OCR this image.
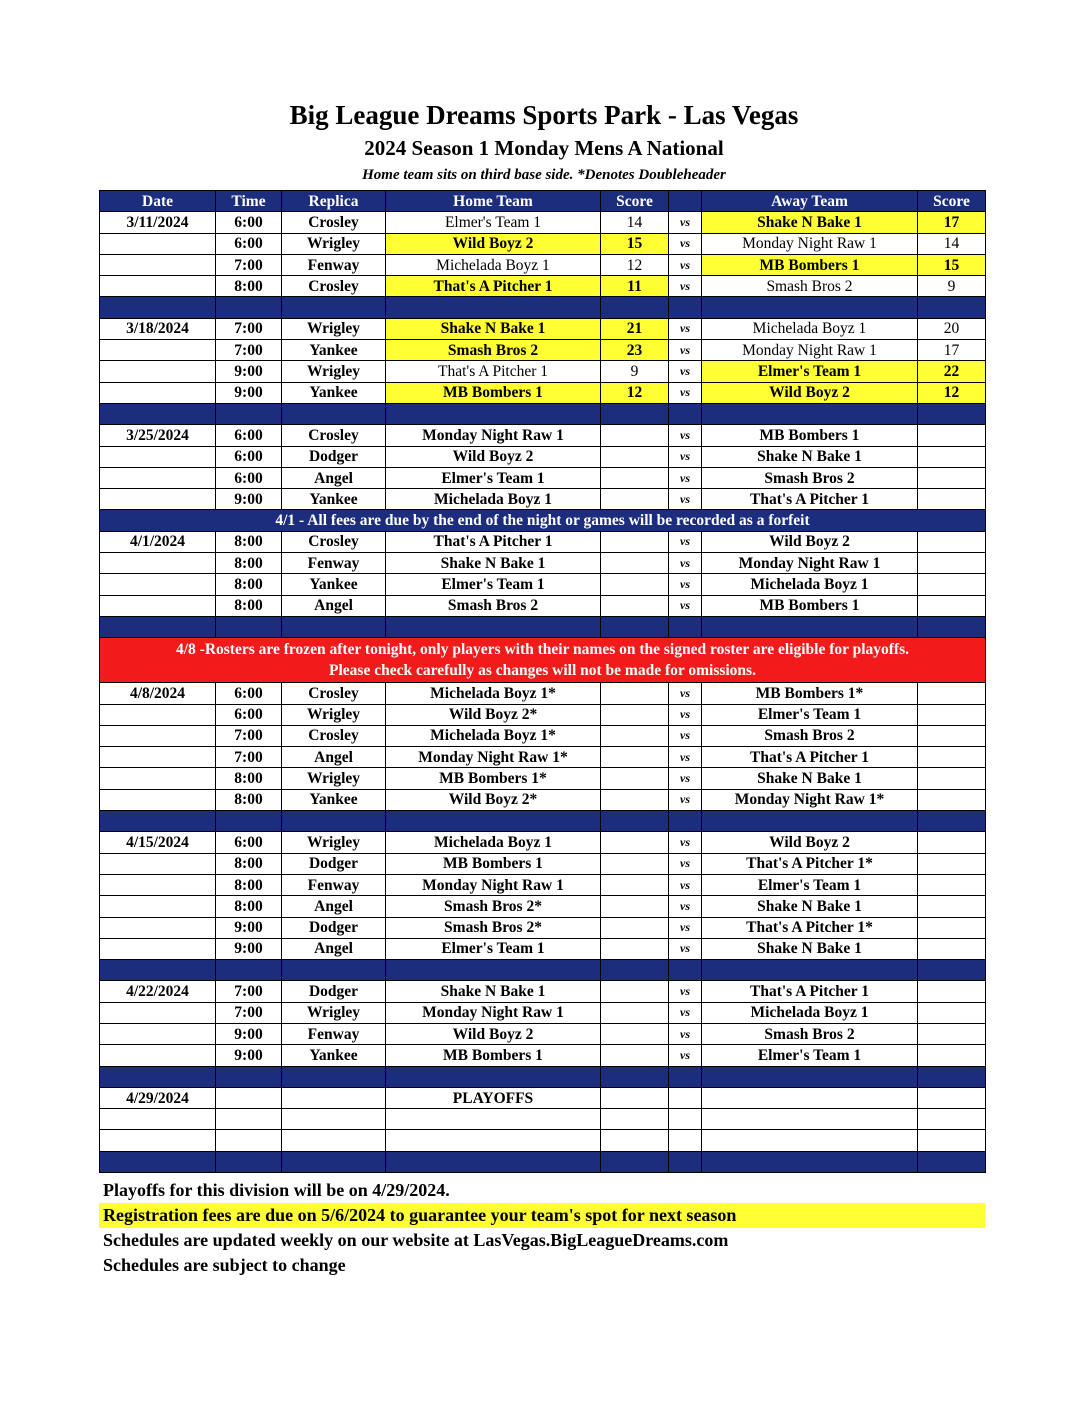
Big League Dreams Sports Park - Las Vegas
2024 Season 1 Monday Mens A National
Home team sits on third base side. *Denotes Doubleheader
Date	Time	Replica	Home Team	Score		Away Team	Score
3/11/2024	6:00	Crosley	Elmer's Team 1	14	vs	Shake N Bake 1	17
	6:00	Wrigley	Wild Boyz 2	15	vs	Monday Night Raw 1	14
	7:00	Fenway	Michelada Boyz 1	12	vs	MB Bombers 1	15
	8:00	Crosley	That's A Pitcher 1	11	vs	Smash Bros 2	9

3/18/2024	7:00	Wrigley	Shake N Bake 1	21	vs	Michelada Boyz 1	20
	7:00	Yankee	Smash Bros 2	23	vs	Monday Night Raw 1	17
	9:00	Wrigley	That's A Pitcher 1	9	vs	Elmer's Team 1	22
	9:00	Yankee	MB Bombers 1	12	vs	Wild Boyz 2	12

3/25/2024	6:00	Crosley	Monday Night Raw 1		vs	MB Bombers 1	
	6:00	Dodger	Wild Boyz 2		vs	Shake N Bake 1	
	6:00	Angel	Elmer's Team 1		vs	Smash Bros 2	
	9:00	Yankee	Michelada Boyz 1		vs	That's A Pitcher 1	
4/1 - All fees are due by the end of the night or games will be recorded as a forfeit							
4/1/2024	8:00	Crosley	That's A Pitcher 1		vs	Wild Boyz 2	
	8:00	Fenway	Shake N Bake 1		vs	Monday Night Raw 1	
	8:00	Yankee	Elmer's Team 1		vs	Michelada Boyz 1	
	8:00	Angel	Smash Bros 2		vs	MB Bombers 1	

4/8 -Rosters are frozen after tonight, only players with their names on the signed roster are eligible for playoffs.
Please check carefully as changes will not be made for omissions.							

4/8/2024	6:00	Crosley	Michelada Boyz 1*		vs	MB Bombers 1*	
	6:00	Wrigley	Wild Boyz 2*		vs	Elmer's Team 1	
	7:00	Crosley	Michelada Boyz 1*		vs	Smash Bros 2	
	7:00	Angel	Monday Night Raw 1*		vs	That's A Pitcher 1	
	8:00	Wrigley	MB Bombers 1*		vs	Shake N Bake 1	
	8:00	Yankee	Wild Boyz 2*		vs	Monday Night Raw 1*	

4/15/2024	6:00	Wrigley	Michelada Boyz 1		vs	Wild Boyz 2	
	8:00	Dodger	MB Bombers 1		vs	That's A Pitcher 1*	
	8:00	Fenway	Monday Night Raw 1		vs	Elmer's Team 1	
	8:00	Angel	Smash Bros 2*		vs	Shake N Bake 1	
	9:00	Dodger	Smash Bros 2*		vs	That's A Pitcher 1*	
	9:00	Angel	Elmer's Team 1		vs	Shake N Bake 1	

4/22/2024	7:00	Dodger	Shake N Bake 1		vs	That's A Pitcher 1	
	7:00	Wrigley	Monday Night Raw 1		vs	Michelada Boyz 1	
	9:00	Fenway	Wild Boyz 2		vs	Smash Bros 2	
	9:00	Yankee	MB Bombers 1		vs	Elmer's Team 1	

4/29/2024			PLAYOFFS				

Playoffs for this division will be on 4/29/2024.
Registration fees are due on 5/6/2024 to guarantee your team's spot for next season
Schedules are updated weekly on our website at LasVegas.BigLeagueDreams.com
Schedules are subject to change
